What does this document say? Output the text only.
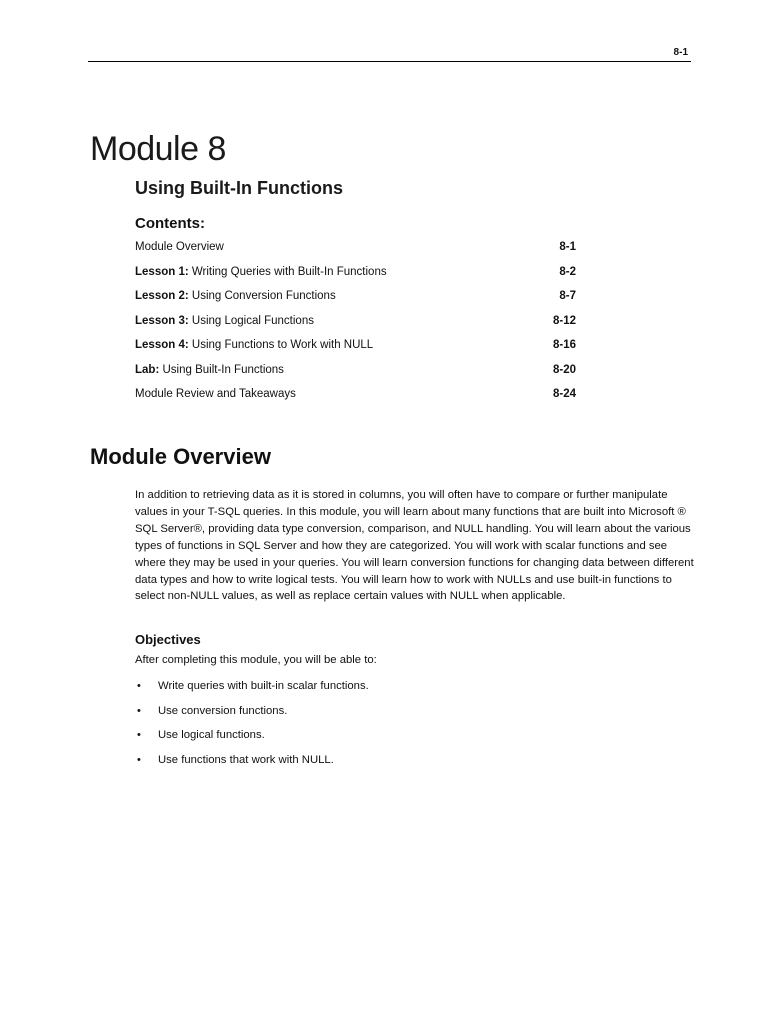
8-1
Module 8
Using Built-In Functions
Contents:
Module Overview	8-1
Lesson 1: Writing Queries with Built-In Functions	8-2
Lesson 2: Using Conversion Functions	8-7
Lesson 3: Using Logical Functions	8-12
Lesson 4: Using Functions to Work with NULL	8-16
Lab: Using Built-In Functions	8-20
Module Review and Takeaways	8-24
Module Overview

In addition to retrieving data as it is stored in columns, you will often have to compare or further manipulate values in your T-SQL queries. In this module, you will learn about many functions that are built into Microsoft ® SQL Server®, providing data type conversion, comparison, and NULL handling. You will learn about the various types of functions in SQL Server and how they are categorized. You will work with scalar functions and see where they may be used in your queries. You will learn conversion functions for changing data between different data types and how to write logical tests. You will learn how to work with NULLs and use built-in functions to select non-NULL values, as well as replace certain values with NULL when applicable.

Objectives

After completing this module, you will be able to:

• Write queries with built-in scalar functions.
• Use conversion functions.
• Use logical functions.
• Use functions that work with NULL.
